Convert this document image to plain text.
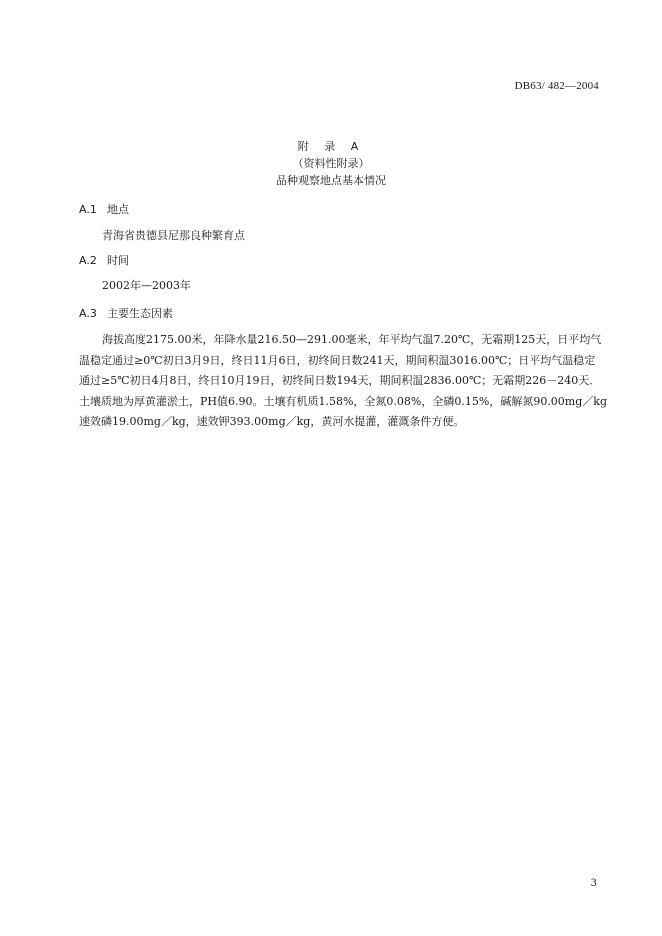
DB63/ 482—2004
附 录 A
（资料性附录）
品种观察地点基本情况
A.1 地点
青海省贵德县尼那良种繁育点
A.2 时间
2002年—2003年
A.3 主要生态因素
海拔高度2175.00米，年降水量216.50—291.00毫米，年平均气温7.20℃，无霜期125天，日平均气
温稳定通过≥0℃初日3月9日，终日11月6日，初终间日数241天，期间积温3016.00℃；日平均气温稳定
通过≥5℃初日4月8日，终日10月19日，初终间日数194天，期间积温2836.00℃；无霜期226－240天．
土壤质地为厚黄灌淤土，PH值6.90。土壤有机质1.58%，全氮0.08%，全磷0.15%，碱解氮90.00mg／kg
速效磷19.00mg／kg，速效钾393.00mg／kg，黄河水提灌，灌溉条件方便。
3
